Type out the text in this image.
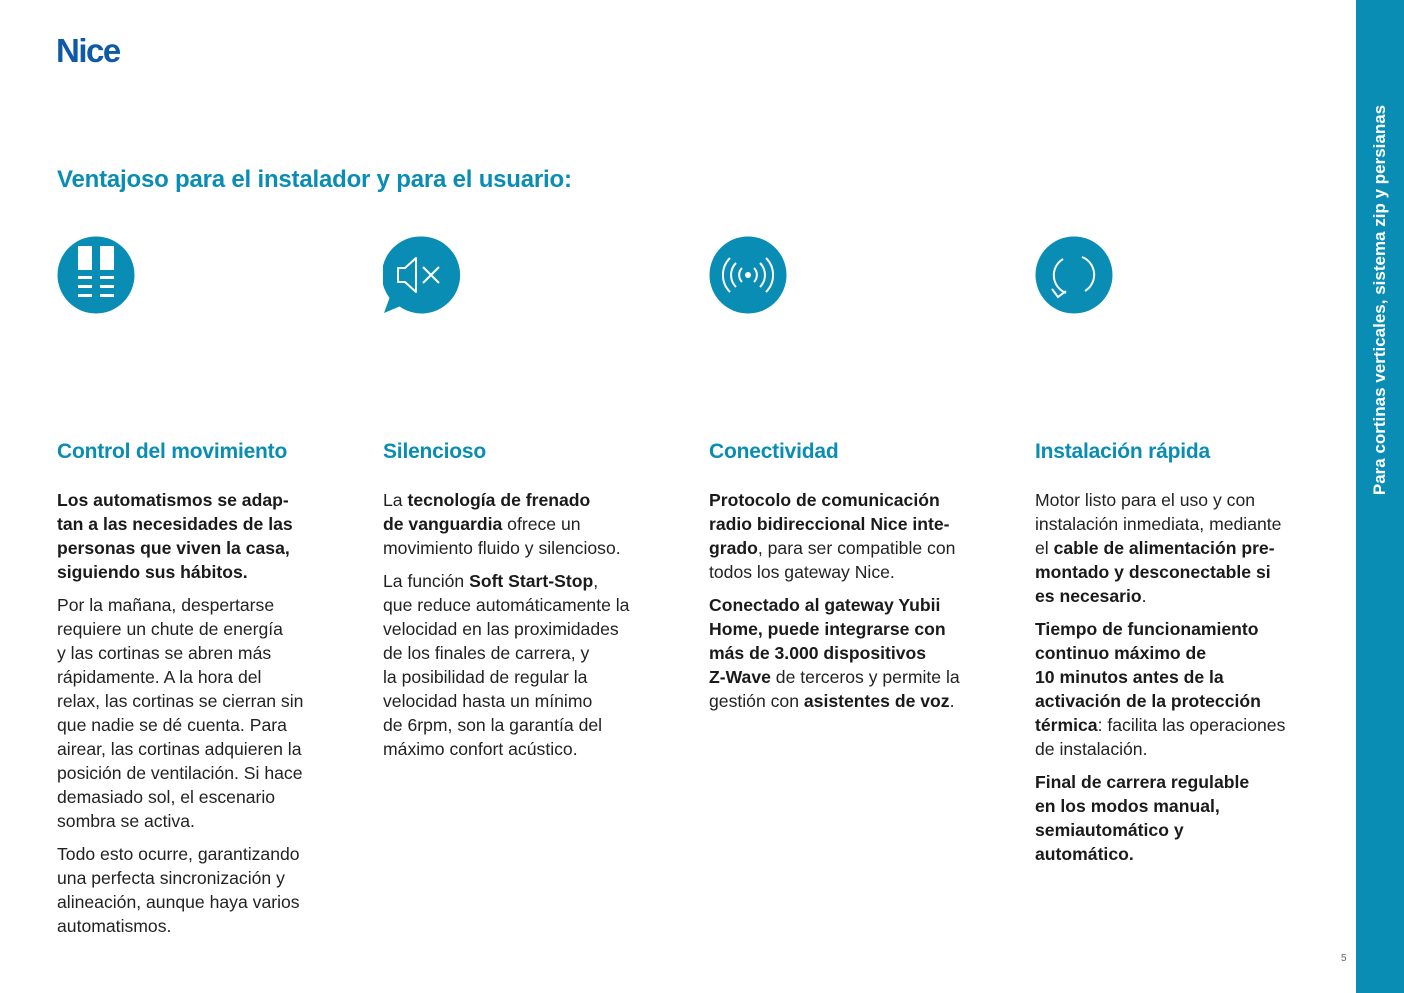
Nice
Ventajoso para el instalador y para el usuario:
Control del movimiento

Los automatismos se adap-
tan a las necesidades de las
personas que viven la casa,
siguiendo sus hábitos.

Por la mañana, despertarse
requiere un chute de energía
y las cortinas se abren más
rápidamente. A la hora del
relax, las cortinas se cierran sin
que nadie se dé cuenta. Para
airear, las cortinas adquieren la
posición de ventilación. Si hace
demasiado sol, el escenario
sombra se activa.

Todo esto ocurre, garantizando
una perfecta sincronización y
alineación, aunque haya varios
automatismos.

Silencioso

La tecnología de frenado
de vanguardia ofrece un
movimiento fluido y silencioso.

La función Soft Start-Stop,
que reduce automáticamente la
velocidad en las proximidades
de los finales de carrera, y
la posibilidad de regular la
velocidad hasta un mínimo
de 6rpm, son la garantía del
máximo confort acústico.

Conectividad

Protocolo de comunicación
radio bidireccional Nice inte-
grado, para ser compatible con
todos los gateway Nice.

Conectado al gateway Yubii
Home, puede integrarse con
más de 3.000 dispositivos
Z-Wave de terceros y permite la
gestión con asistentes de voz.

Instalación rápida

Motor listo para el uso y con
instalación inmediata, mediante
el cable de alimentación pre-
montado y desconectable si
es necesario.

Tiempo de funcionamiento
continuo máximo de
10 minutos antes de la
activación de la protección
térmica: facilita las operaciones
de instalación.

Final de carrera regulable
en los modos manual,
semiautomático y
automático.

Para cortinas verticales, sistema zip y persianas
5
